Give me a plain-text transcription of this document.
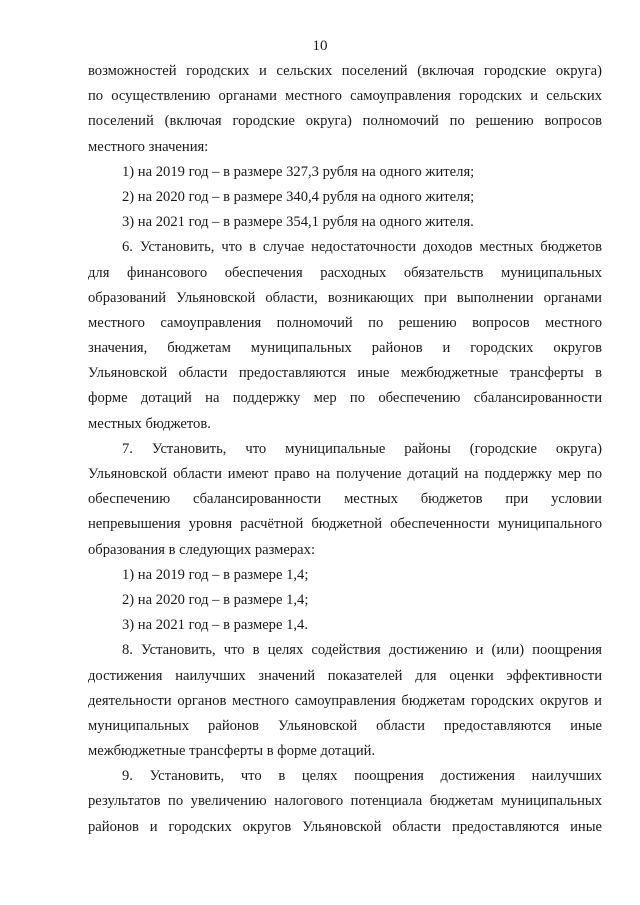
10
возможностей городских и сельских поселений (включая городские округа)
по осуществлению органами местного самоуправления городских и сельских
поселений (включая городские округа) полномочий по решению вопросов
местного значения:
1) на 2019 год – в размере 327,3 рубля на одного жителя;
2) на 2020 год – в размере 340,4 рубля на одного жителя;
3) на 2021 год – в размере 354,1 рубля на одного жителя.
6. Установить, что в случае недостаточности доходов местных бюджетов
для финансового обеспечения расходных обязательств муниципальных
образований Ульяновской области, возникающих при выполнении органами
местного самоуправления полномочий по решению вопросов местного
значения, бюджетам муниципальных районов и городских округов
Ульяновской области предоставляются иные межбюджетные трансферты в
форме дотаций на поддержку мер по обеспечению сбалансированности
местных бюджетов.
7. Установить, что муниципальные районы (городские округа)
Ульяновской области имеют право на получение дотаций на поддержку мер по
обеспечению сбалансированности местных бюджетов при условии
непревышения уровня расчётной бюджетной обеспеченности муниципального
образования в следующих размерах:
1) на 2019 год – в размере 1,4;
2) на 2020 год – в размере 1,4;
3) на 2021 год – в размере 1,4.
8. Установить, что в целях содействия достижению и (или) поощрения
достижения наилучших значений показателей для оценки эффективности
деятельности органов местного самоуправления бюджетам городских округов и
муниципальных районов Ульяновской области предоставляются иные
межбюджетные трансферты в форме дотаций.
9. Установить, что в целях поощрения достижения наилучших
результатов по увеличению налогового потенциала бюджетам муниципальных
районов и городских округов Ульяновской области предоставляются иные
